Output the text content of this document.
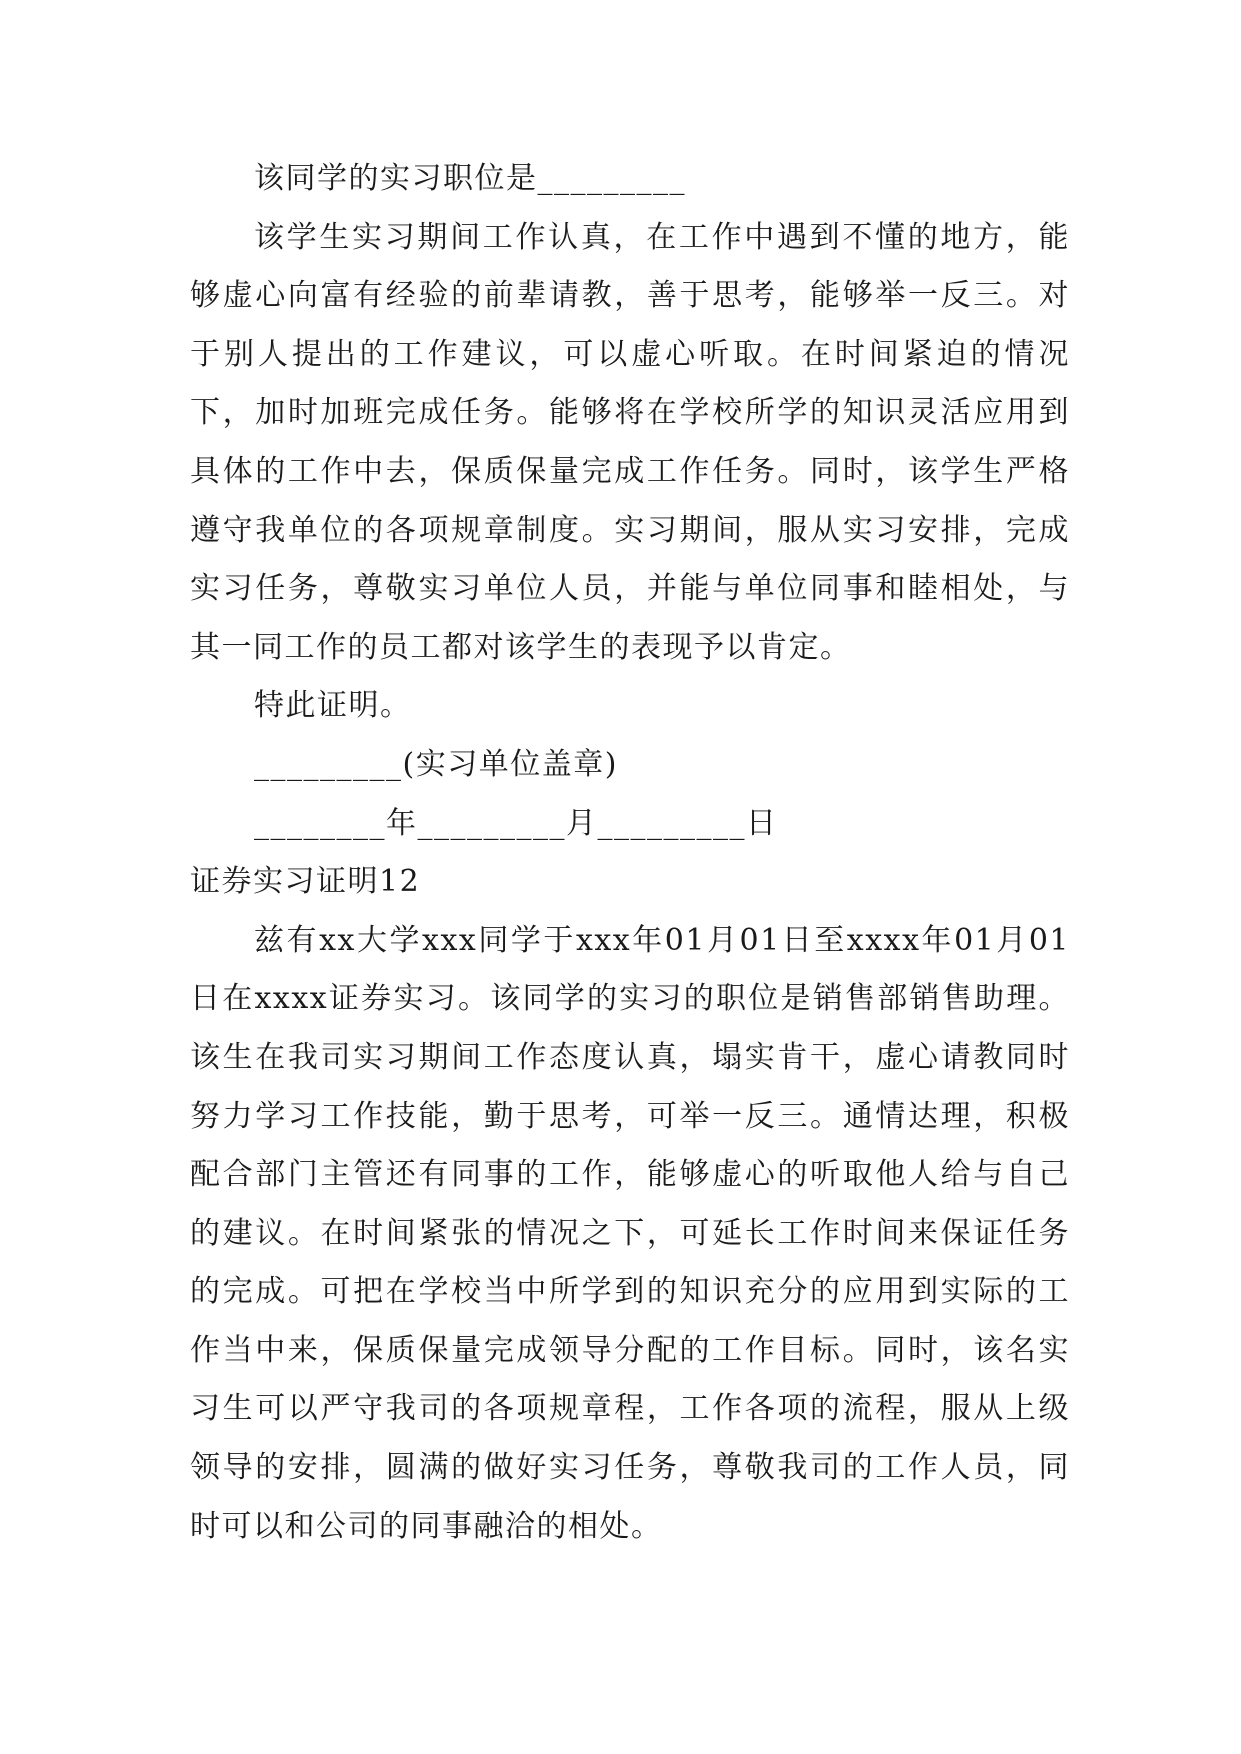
该同学的实习职位是_________

该学生实习期间工作认真，在工作中遇到不懂的地方，能够虚心向富有经验的前辈请教，善于思考，能够举一反三。对于别人提出的工作建议，可以虚心听取。在时间紧迫的情况下，加时加班完成任务。能够将在学校所学的知识灵活应用到具体的工作中去，保质保量完成工作任务。同时，该学生严格遵守我单位的各项规章制度。实习期间，服从实习安排，完成实习任务，尊敬实习单位人员，并能与单位同事和睦相处，与其一同工作的员工都对该学生的表现予以肯定。

特此证明。

_________(实习单位盖章)

________年_________月_________日

证券实习证明12

兹有xx大学xxx同学于xxx年01月01日至xxxx年01月01日在xxxx证券实习。该同学的实习的职位是销售部销售助理。该生在我司实习期间工作态度认真，塌实肯干，虚心请教同时努力学习工作技能，勤于思考，可举一反三。通情达理，积极配合部门主管还有同事的工作，能够虚心的听取他人给与自己的建议。在时间紧张的情况之下，可延长工作时间来保证任务的完成。可把在学校当中所学到的知识充分的应用到实际的工作当中来，保质保量完成领导分配的工作目标。同时，该名实习生可以严守我司的各项规章程，工作各项的流程，服从上级领导的安排，圆满的做好实习任务，尊敬我司的工作人员，同时可以和公司的同事融洽的相处。
